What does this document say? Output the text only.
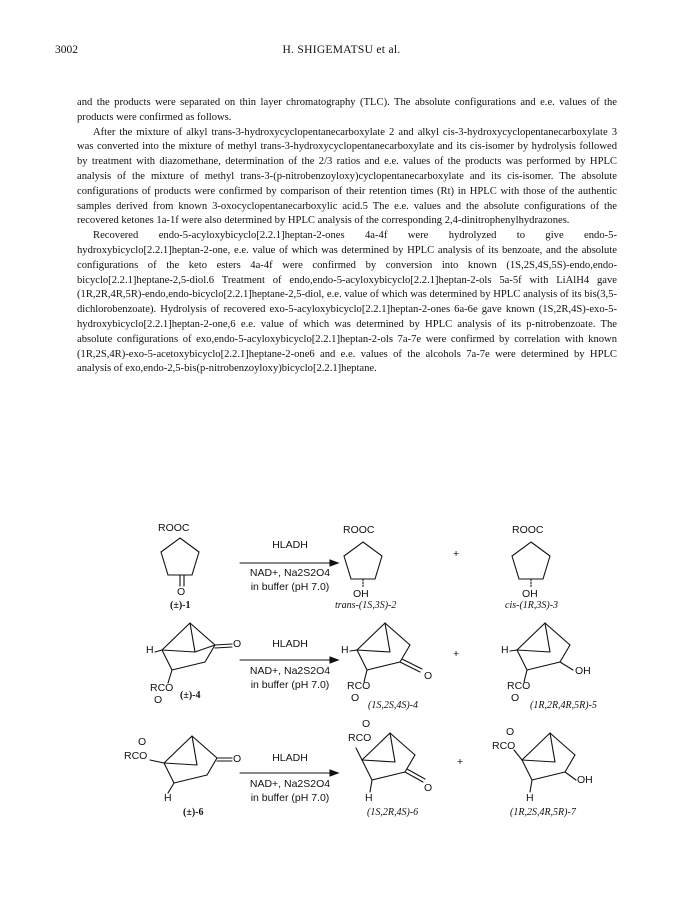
3002	H. SHIGEMATSU et al.

and the products were separated on thin layer chromatography (TLC). The absolute configurations and e.e. values of the products were confirmed as follows.

After the mixture of alkyl trans-3-hydroxycyclopentanecarboxylate 2 and alkyl cis-3-hydroxycyclopentanecarboxylate 3 was converted into the mixture of methyl trans-3-hydroxycyclopentanecarboxylate and its cis-isomer by hydrolysis followed by treatment with diazomethane, determination of the 2/3 ratios and e.e. values of the products was performed by HPLC analysis of the mixture of methyl trans-3-(p-nitrobenzoyloxy)cyclopentanecarboxylate and its cis-isomer. The absolute configurations of products were confirmed by comparison of their retention times (Rt) in HPLC with those of the authentic samples derived from known 3-oxocyclopentanecarboxylic acid.5 The e.e. values and the absolute configurations of the recovered ketones 1a-1f were also determined by HPLC analysis of the corresponding 2,4-dinitrophenylhydrazones.

Recovered endo-5-acyloxybicyclo[2.2.1]heptan-2-ones 4a-4f were hydrolyzed to give endo-5-hydroxybicyclo[2.2.1]heptan-2-one, e.e. value of which was determined by HPLC analysis of its benzoate, and the absolute configurations of the keto esters 4a-4f were confirmed by conversion into known (1S,2S,4S,5S)-endo,endo-bicyclo[2.2.1]heptane-2,5-diol.6 Treatment of endo,endo-5-acyloxybicyclo[2.2.1]heptan-2-ols 5a-5f with LiAlH4 gave (1R,2R,4R,5R)-endo,endo-bicyclo[2.2.1]heptane-2,5-diol, e.e. value of which was determined by HPLC analysis of its bis(3,5-dichlorobenzoate). Hydrolysis of recovered exo-5-acyloxybicyclo[2.2.1]heptan-2-ones 6a-6e gave known (1S,2R,4S)-exo-5-hydroxybicyclo[2.2.1]heptan-2-one,6 e.e. value of which was determined by HPLC analysis of its p-nitrobenzoate. The absolute configurations of exo,endo-5-acyloxybicyclo[2.2.1]heptan-2-ols 7a-7e were confirmed by correlation with known (1R,2S,4R)-exo-5-acetoxybicyclo[2.2.1]heptane-2-one6 and e.e. values of the alcohols 7a-7e were determined by HPLC analysis of exo,endo-2,5-bis(p-nitrobenzoyloxy)bicyclo[2.2.1]heptane.

ROOC
O
(±)-1
HLADH
NAD+, Na2S2O4
in buffer (pH 7.0)
ROOC
OH
trans-(1S,3S)-2
+
ROOC
OH
cis-(1R,3S)-3
H	O
RCO
O (±)-4
HLADH
NAD+, Na2S2O4
in buffer (pH 7.0)
H
O
RCO
O
(1S,2S,4S)-4
+	H
OH
RCO
O
(1R,2R,4R,5R)-5
O
RCO	O
H
(±)-6
HLADH
NAD+, Na2S2O4
in buffer (pH 7.0)
O
RCO
O
H
(1S,2R,4S)-6
+
O
RCO
OH
H
(1R,2S,4R,5R)-7
